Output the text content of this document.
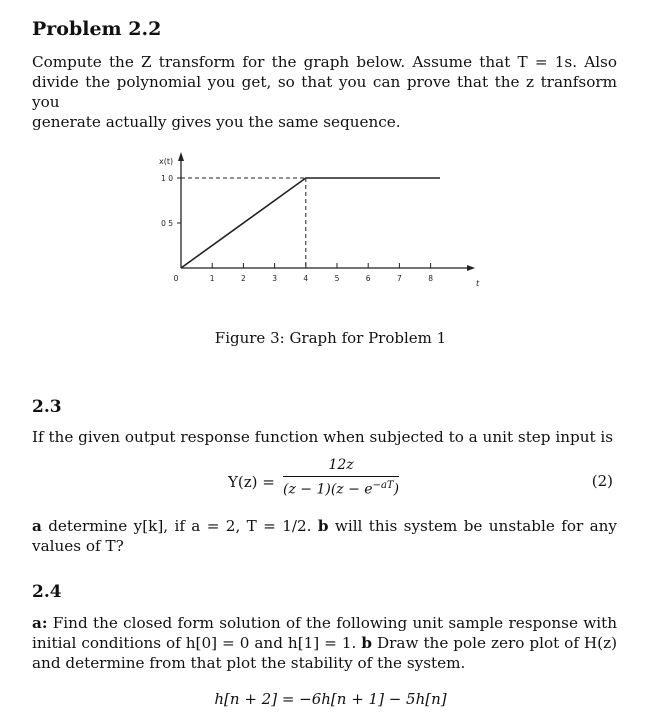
Problem 2.2
Compute the Z transform for the graph below. Assume that T = 1s. Also
divide the polynomial you get, so that you can prove that the z tranfsorm you
generate actually gives you the same sequence.
x(t)
t
1 0
0 5
0	1	2	3	4	5	6	7	8
Figure 3: Graph for Problem 1
2.3
If the given output response function when subjected to a unit step input is
Y(z) =
12z
$(z - 1)(z - e^{-aT})$	(2)
a determine y[k], if a = 2, T = 1/2. b will this system be unstable for any
values of T?
2.4
a: Find the closed form solution of the following unit sample response with
initial conditions of h[0] = 0 and h[1] = 1. b Draw the pole zero plot of H(z)
and determine from that plot the stability of the system.
h[n + 2] = −6h[n + 1] − 5h[n]
